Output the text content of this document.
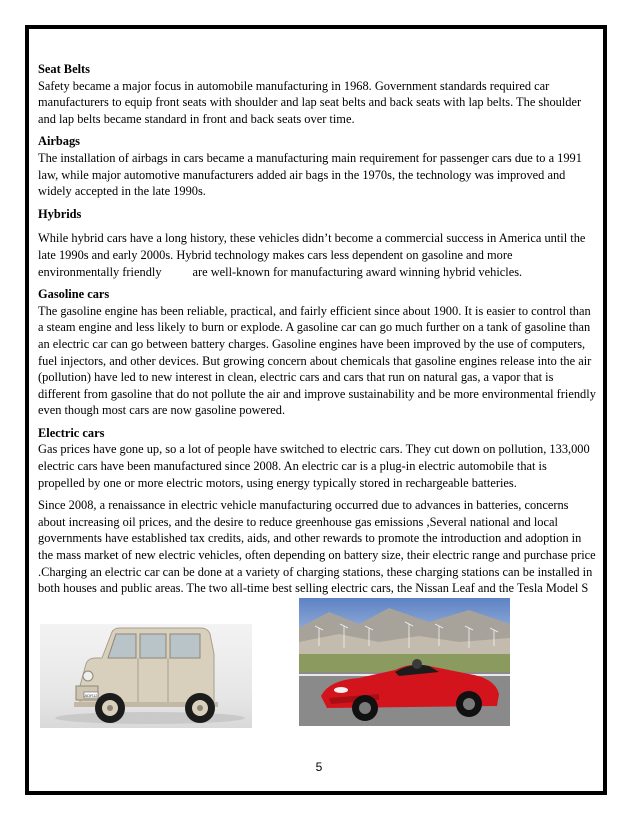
Seat Belts

Safety became a major focus in automobile manufacturing in 1968. Government standards required car manufacturers to equip front seats with shoulder and lap seat belts and back seats with lap belts. The shoulder and lap belts became standard in front and back seats over time.

Airbags

The installation of airbags in cars became a manufacturing main requirement for passenger cars due to a 1991 law, while major automotive manufacturers added air bags in the 1970s, the technology was improved and widely accepted in the late 1990s.

Hybrids

While hybrid cars have a long history, these vehicles didn’t become a commercial success in America until the late 1990s and early 2000s. Hybrid technology makes cars less dependent on gasoline and more environmentally friendly          are well-known for manufacturing award winning hybrid vehicles.

Gasoline cars

The gasoline engine has been reliable, practical, and fairly efficient since about 1900. It is easier to control than a steam engine and less likely to burn or explode. A gasoline car can go much further on a tank of gasoline than an electric car can go between battery charges. Gasoline engines have been improved by the use of computers, fuel injectors, and other devices. But growing concern about chemicals that gasoline engines release into the air (pollution) have led to new interest in clean, electric cars and cars that run on natural gas, a vapor that is different from gasoline that do not pollute the air and improve sustainability and be more environmental friendly even though most cars are now gasoline powered.

Electric cars

Gas prices have gone up, so a lot of people have switched to electric cars. They cut down on pollution, 133,000 electric cars have been manufactured since 2008. An electric car is a plug-in electric automobile that is propelled by one or more electric motors, using energy typically stored in rechargeable batteries.

Since 2008, a renaissance in electric vehicle manufacturing occurred due to advances in batteries, concerns about increasing oil prices, and the desire to reduce greenhouse gas emissions ,Several national and local governments have established tax credits, aids, and other rewards to promote the introduction and adoption in the mass market of new electric vehicles, often depending on battery size, their electric range and purchase price .Charging an electric car can be done at a variety of charging stations, these charging stations can be installed in both houses and public areas. The two all-time best selling electric cars, the Nissan Leaf and the Tesla Model S

ADR12
5
